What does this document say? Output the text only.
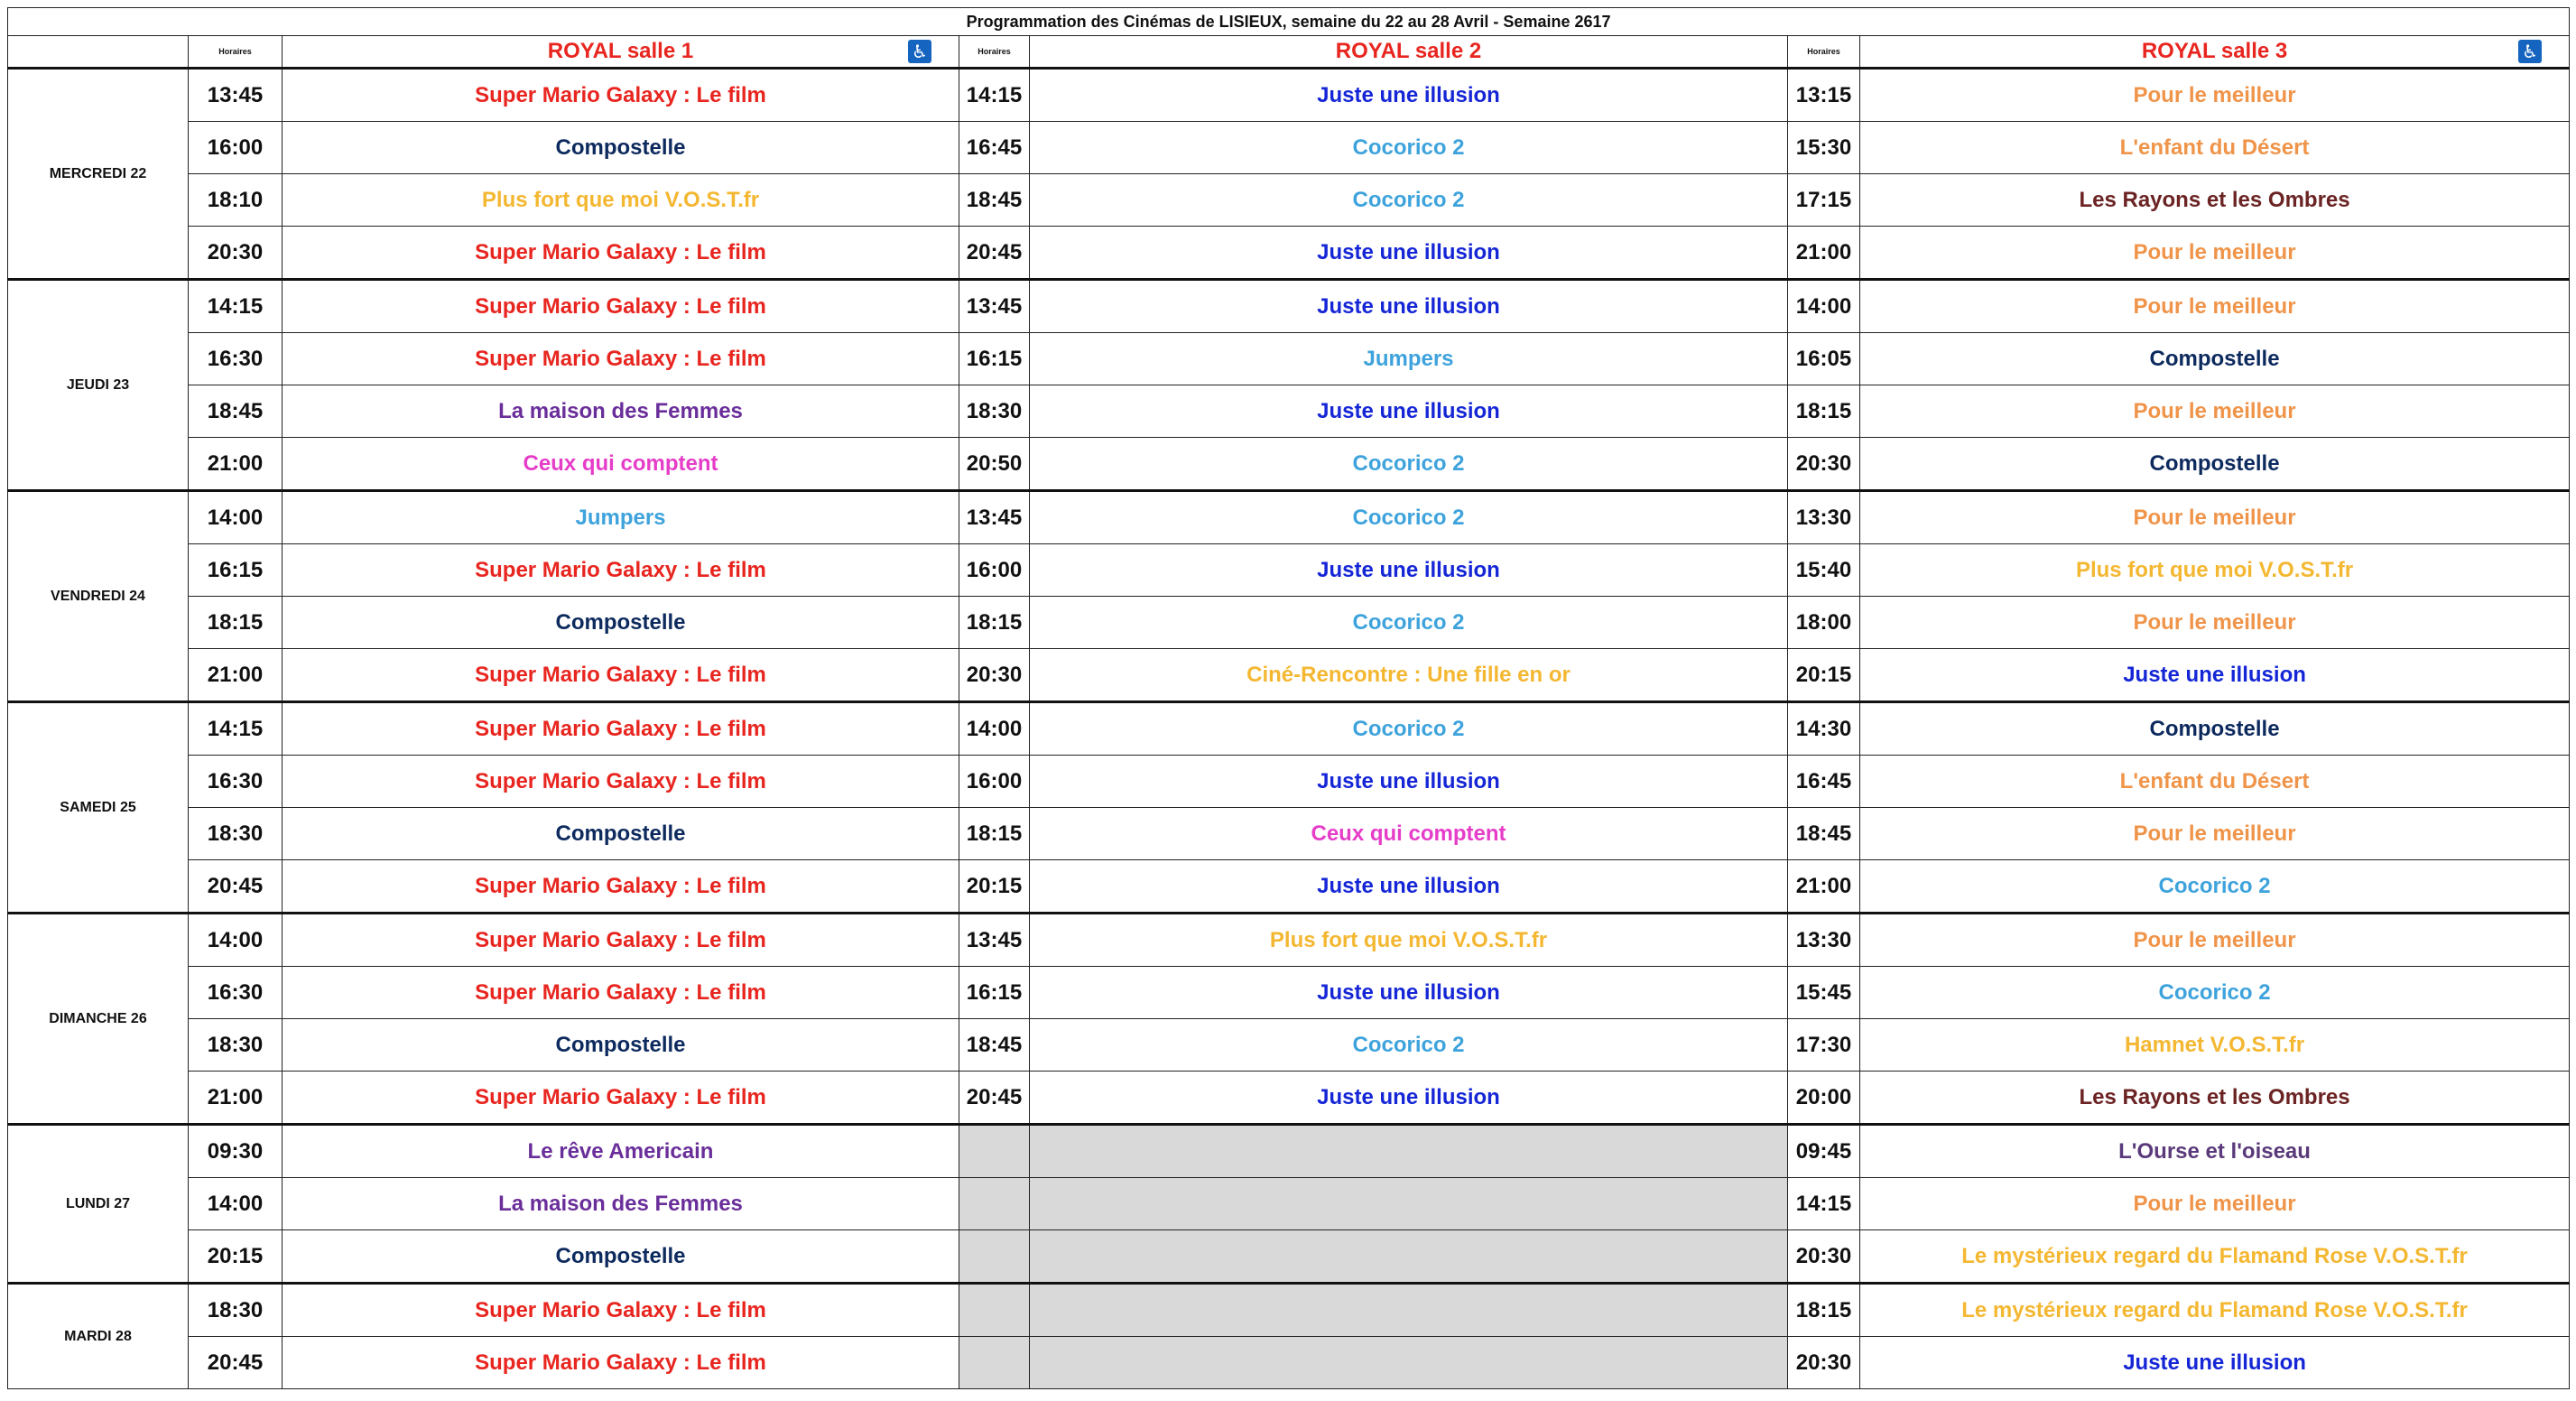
Programmation des Cinémas de LISIEUX, semaine du 22 au 28 Avril - Semaine 2617						
	Horaires	ROYAL salle 1 ♿	Horaires	ROYAL salle 2	Horaires	ROYAL salle 3 ♿

MERCREDI 22	13:45	Super Mario Galaxy : Le film	14:15	Juste une illusion	13:15	Pour le meilleur
	16:00	Compostelle	16:45	Cocorico 2	15:30	L'enfant du Désert
	18:10	Plus fort que moi V.O.S.T.fr	18:45	Cocorico 2	17:15	Les Rayons et les Ombres
	20:30	Super Mario Galaxy : Le film	20:45	Juste une illusion	21:00	Pour le meilleur
JEUDI 23	14:15	Super Mario Galaxy : Le film	13:45	Juste une illusion	14:00	Pour le meilleur
	16:30	Super Mario Galaxy : Le film	16:15	Jumpers	16:05	Compostelle
	18:45	La maison des Femmes	18:30	Juste une illusion	18:15	Pour le meilleur
	21:00	Ceux qui comptent	20:50	Cocorico 2	20:30	Compostelle
VENDREDI 24	14:00	Jumpers	13:45	Cocorico 2	13:30	Pour le meilleur
	16:15	Super Mario Galaxy : Le film	16:00	Juste une illusion	15:40	Plus fort que moi V.O.S.T.fr
	18:15	Compostelle	18:15	Cocorico 2	18:00	Pour le meilleur
	21:00	Super Mario Galaxy : Le film	20:30	Ciné-Rencontre : Une fille en or	20:15	Juste une illusion
SAMEDI 25	14:15	Super Mario Galaxy : Le film	14:00	Cocorico 2	14:30	Compostelle
	16:30	Super Mario Galaxy : Le film	16:00	Juste une illusion	16:45	L'enfant du Désert
	18:30	Compostelle	18:15	Ceux qui comptent	18:45	Pour le meilleur
	20:45	Super Mario Galaxy : Le film	20:15	Juste une illusion	21:00	Cocorico 2
DIMANCHE 26	14:00	Super Mario Galaxy : Le film	13:45	Plus fort que moi V.O.S.T.fr	13:30	Pour le meilleur
	16:30	Super Mario Galaxy : Le film	16:15	Juste une illusion	15:45	Cocorico 2
	18:30	Compostelle	18:45	Cocorico 2	17:30	Hamnet V.O.S.T.fr
	21:00	Super Mario Galaxy : Le film	20:45	Juste une illusion	20:00	Les Rayons et les Ombres
LUNDI 27	09:30	Le rêve Americain			09:45	L'Ourse et l'oiseau
	14:00	La maison des Femmes			14:15	Pour le meilleur
	20:15	Compostelle			20:30	Le mystérieux regard du Flamand Rose V.O.S.T.fr
MARDI 28	18:30	Super Mario Galaxy : Le film			18:15	Le mystérieux regard du Flamand Rose V.O.S.T.fr
	20:45	Super Mario Galaxy : Le film			20:30	Juste une illusion
